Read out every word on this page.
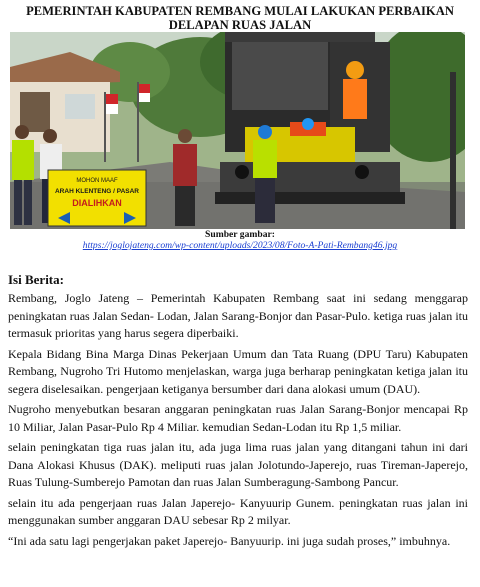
PEMERINTAH KABUPATEN REMBANG MULAI LAKUKAN PERBAIKAN
DELAPAN RUAS JALAN
MOHON MAAF
ARAH KLENTENG / PASAR
DIALIHKAN
Sumber gambar:
https://joglojateng.com/wp-content/uploads/2023/08/Foto-A-Pati-Rembang46.jpg
Isi Berita:

Rembang, Joglo Jateng – Pemerintah Kabupaten Rembang saat ini sedang menggarap peningkatan ruas Jalan Sedan- Lodan, Jalan Sarang-Bonjor dan Pasar-Pulo. ketiga ruas jalan itu termasuk prioritas yang harus segera diperbaiki.

Kepala Bidang Bina Marga Dinas Pekerjaan Umum dan Tata Ruang (DPU Taru) Kabupaten Rembang, Nugroho Tri Hutomo menjelaskan, warga juga berharap peningkatan ketiga jalan itu segera diselesaikan. pengerjaan ketiganya bersumber dari dana alokasi umum (DAU).

Nugroho menyebutkan besaran anggaran peningkatan ruas Jalan Sarang-Bonjor mencapai Rp 10 Miliar, Jalan Pasar-Pulo Rp 4 Miliar. kemudian Sedan-Lodan itu Rp 1,5 miliar.

selain peningkatan tiga ruas jalan itu, ada juga lima ruas jalan yang ditangani tahun ini dari Dana Alokasi Khusus (DAK). meliputi ruas jalan Jolotundo-Japerejo, ruas Tireman-Japerejo, Ruas Tulung-Sumberejo Pamotan dan ruas Jalan Sumberagung-Sambong Pancur.

selain itu ada pengerjaan ruas Jalan Japerejo- Kanyuurip Gunem. peningkatan ruas jalan ini menggunakan sumber anggaran DAU sebesar Rp 2 milyar.

“Ini ada satu lagi pengerjakan paket Japerejo- Banyuurip. ini juga sudah proses,” imbuhnya.
